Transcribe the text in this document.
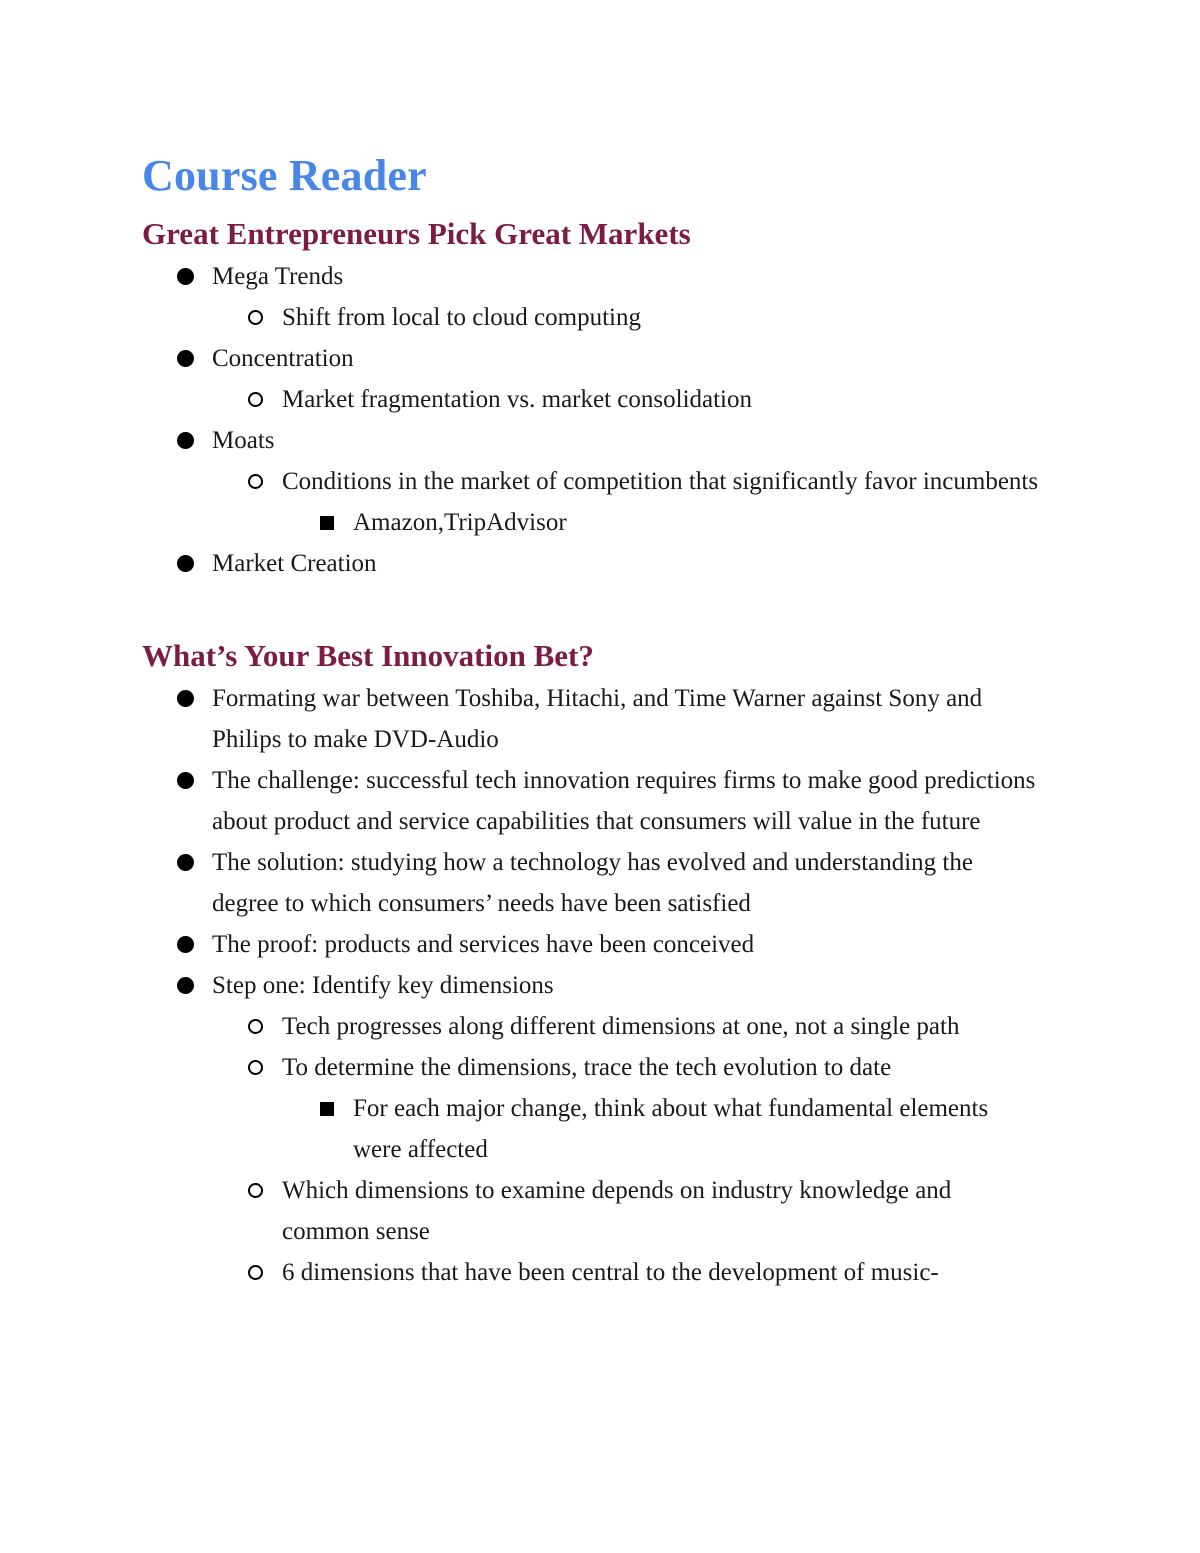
Course Reader
Great Entrepreneurs Pick Great Markets
Mega Trends
Shift from local to cloud computing
Concentration
Market fragmentation vs. market consolidation
Moats
Conditions in the market of competition that significantly favor incumbents
Amazon,TripAdvisor
Market Creation
What’s Your Best Innovation Bet?
Formating war between Toshiba, Hitachi, and Time Warner against Sony and Philips to make DVD-Audio
The challenge: successful tech innovation requires firms to make good predictions about product and service capabilities that consumers will value in the future
The solution: studying how a technology has evolved and understanding the degree to which consumers’ needs have been satisfied
The proof: products and services have been conceived
Step one: Identify key dimensions
Tech progresses along different dimensions at one, not a single path
To determine the dimensions, trace the tech evolution to date
For each major change, think about what fundamental elements were affected
Which dimensions to examine depends on industry knowledge and common sense
6 dimensions that have been central to the development of music-
